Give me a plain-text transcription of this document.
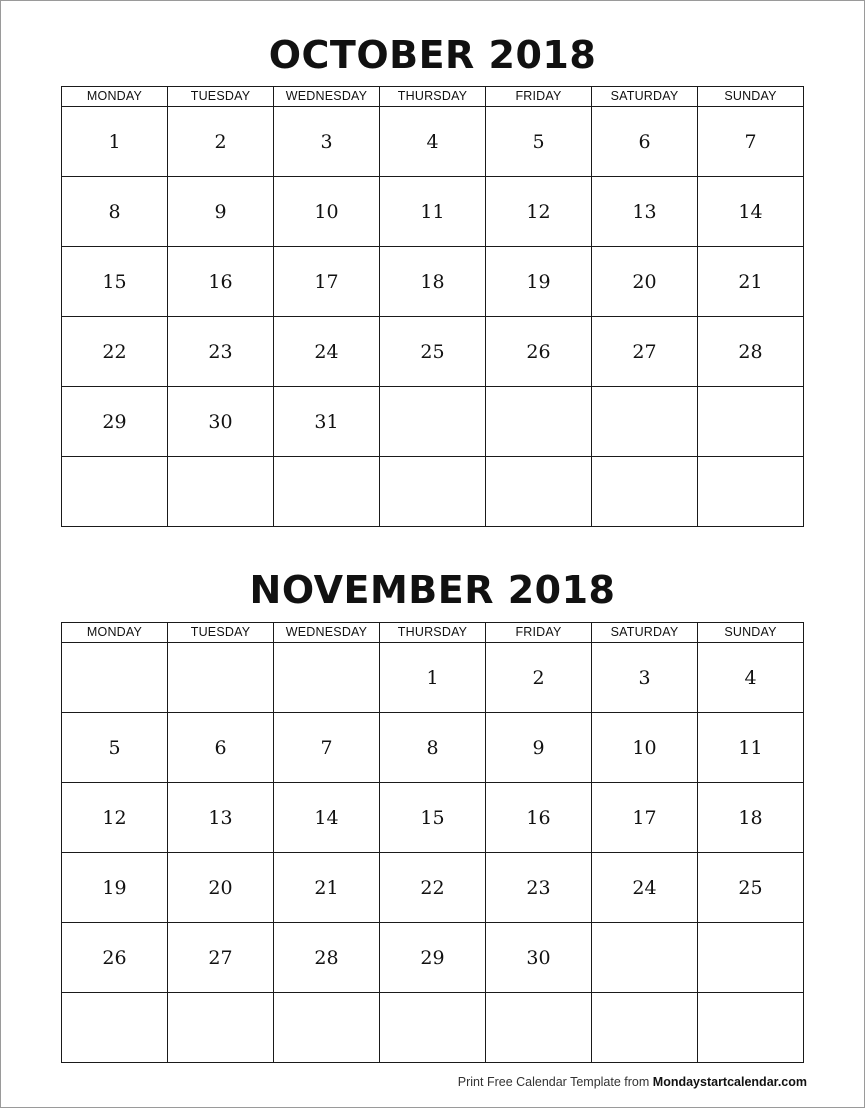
OCTOBER 2018
MONDAY	TUESDAY	WEDNESDAY	THURSDAY	FRIDAY	SATURDAY	SUNDAY
1	2	3	4	5	6	7
8	9	10	11	12	13	14
15	16	17	18	19	20	21
22	23	24	25	26	27	28
29	30	31				

NOVEMBER 2018
MONDAY	TUESDAY	WEDNESDAY	THURSDAY	FRIDAY	SATURDAY	SUNDAY
			1	2	3	4
5	6	7	8	9	10	11
12	13	14	15	16	17	18
19	20	21	22	23	24	25
26	27	28	29	30		

Print Free Calendar Template from Mondaystartcalendar.com
